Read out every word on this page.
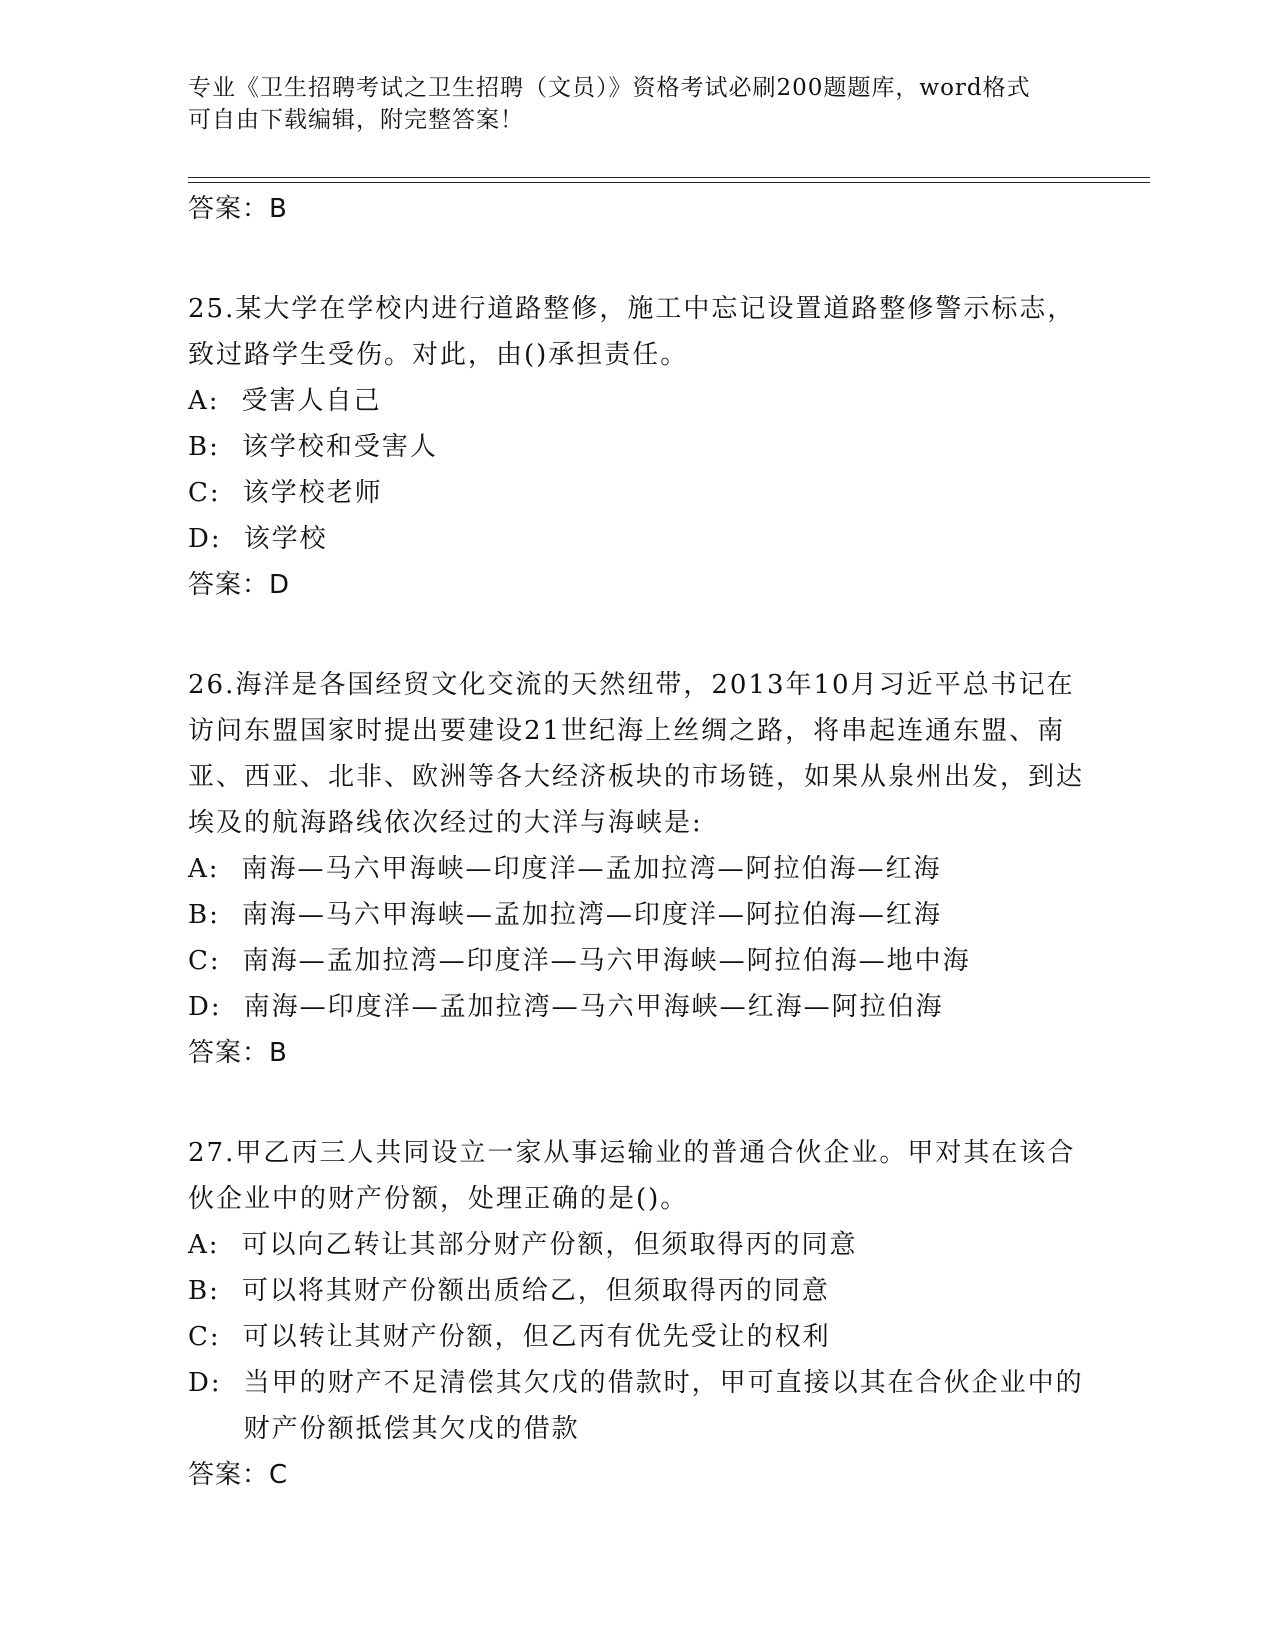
专业《卫生招聘考试之卫生招聘（文员）》资格考试必刷200题题库，word格式
可自由下载编辑，附完整答案！
答案：B

25.某大学在学校内进行道路整修，施工中忘记设置道路整修警示标志，致过路学生受伤。对此，由()承担责任。

A: 受害人自己
B: 该学校和受害人
C: 该学校老师
D: 该学校
答案：D

26.海洋是各国经贸文化交流的天然纽带，2013年10月习近平总书记在访问东盟国家时提出要建设21世纪海上丝绸之路，将串起连通东盟、南亚、西亚、北非、欧洲等各大经济板块的市场链，如果从泉州出发，到达埃及的航海路线依次经过的大洋与海峡是:

A: 南海—马六甲海峡—印度洋—孟加拉湾—阿拉伯海—红海
B: 南海—马六甲海峡—孟加拉湾—印度洋—阿拉伯海—红海
C: 南海—孟加拉湾—印度洋—马六甲海峡—阿拉伯海—地中海
D: 南海—印度洋—孟加拉湾—马六甲海峡—红海—阿拉伯海
答案：B

27.甲乙丙三人共同设立一家从事运输业的普通合伙企业。甲对其在该合伙企业中的财产份额，处理正确的是()。

A: 可以向乙转让其部分财产份额，但须取得丙的同意
B: 可以将其财产份额出质给乙，但须取得丙的同意
C: 可以转让其财产份额，但乙丙有优先受让的权利
D: 当甲的财产不足清偿其欠戊的借款时，甲可直接以其在合伙企业中的财产份额抵偿其欠戊的借款
答案：C
